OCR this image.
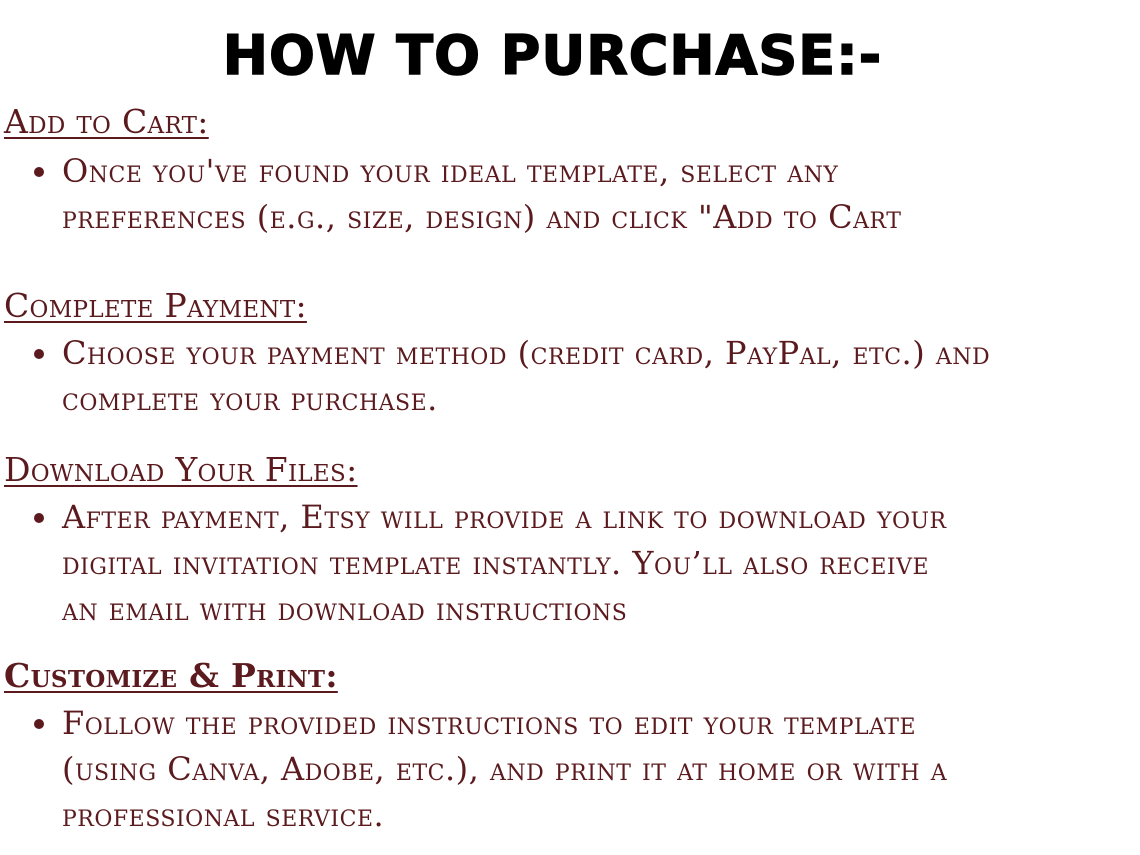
HOW TO PURCHASE:-
Add to Cart:
Once you've found your ideal template, select any
preferences (e.g., size, design) and click "Add to Cart
Complete Payment:
Choose your payment method (credit card, PayPal, etc.) and
complete your purchase.
Download Your Files:
After payment, Etsy will provide a link to download your
digital invitation template instantly. You’ll also receive
an email with download instructions
Customize & Print:
Follow the provided instructions to edit your template
(using Canva, Adobe, etc.), and print it at home or with a
professional service.
